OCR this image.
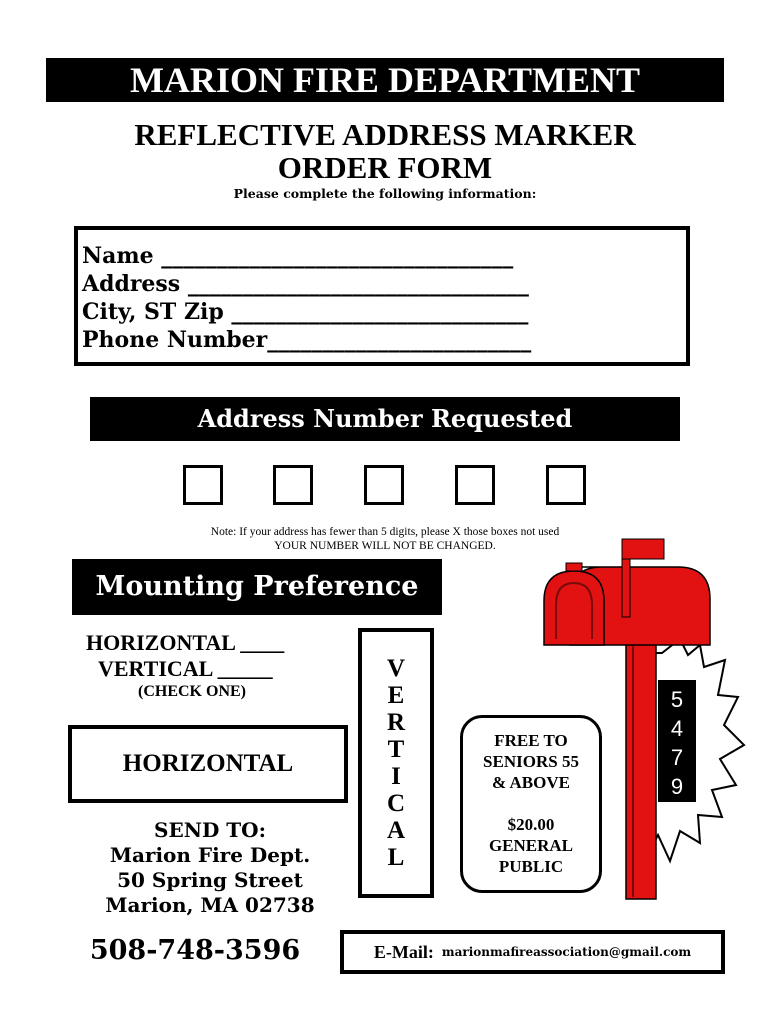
MARION FIRE DEPARTMENT
REFLECTIVE ADDRESS MARKER
ORDER FORM
Please complete the following information:
Name ________________________________
Address _______________________________
City, ST Zip ___________________________
Phone Number________________________
Address Number Requested
Note: If your address has fewer than 5 digits, please X those boxes not used
YOUR NUMBER WILL NOT BE CHANGED.
Mounting Preference
HORIZONTAL ____
VERTICAL _____
(CHECK ONE)
HORIZONTAL
V
E
R
T
I
C
A
L
SEND TO:
Marion Fire Dept.
50 Spring Street
Marion, MA 02738
FREE TO
SENIORS 55
& ABOVE
$20.00
GENERAL
PUBLIC
5
4
7
9
508-748-3596	E-Mail: marionmafireassociation@gmail.com
